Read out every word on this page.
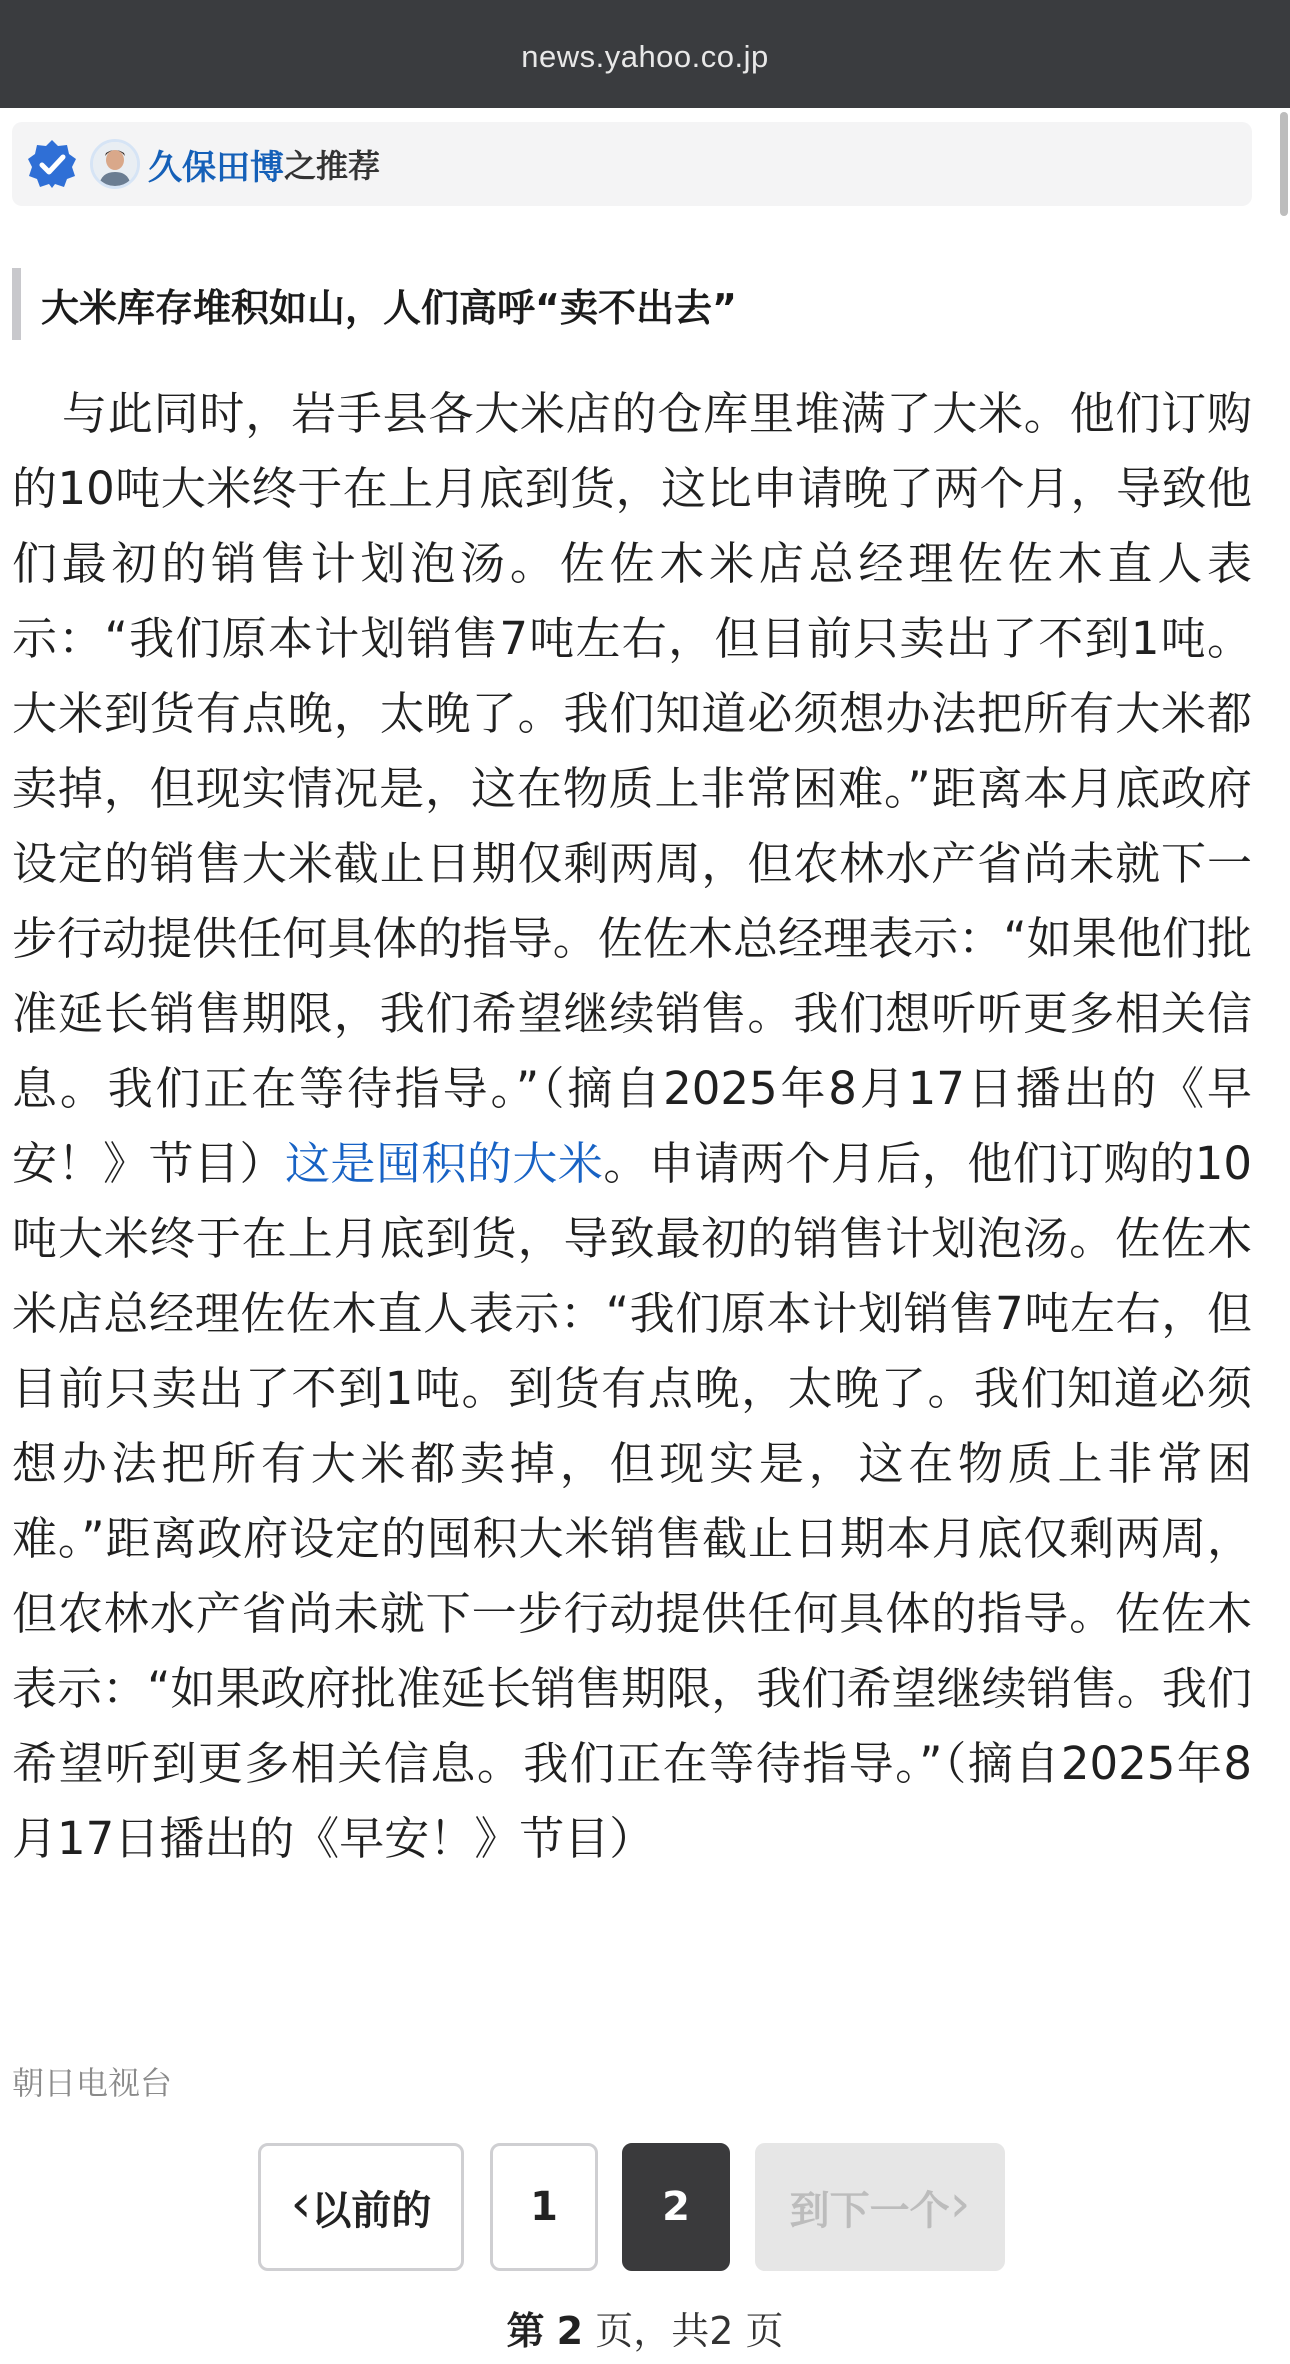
news.yahoo.co.jp
久保田博 之推荐
大米库存堆积如山，人们高呼“卖不出去”

与此同时，岩手县各大米店的仓库里堆满了大米。他们订购的10吨大米终于在上月底到货，这比申请晚了两个月，导致他们最初的销售计划泡汤。佐佐木米店总经理佐佐木直人表示：“我们原本计划销售7吨左右，但目前只卖出了不到1吨。大米到货有点晚，太晚了。我们知道必须想办法把所有大米都卖掉，但现实情况是，这在物质上非常困难。”距离本月底政府设定的销售大米截止日期仅剩两周，但农林水产省尚未就下一步行动提供任何具体的指导。佐佐木总经理表示：“如果他们批准延长销售期限，我们希望继续销售。我们想听听更多相关信息。我们正在等待指导。”（摘自2025年8月17日播出的《早安！》节目）这是囤积的大米。申请两个月后，他们订购的10吨大米终于在上月底到货，导致最初的销售计划泡汤。佐佐木米店总经理佐佐木直人表示：“我们原本计划销售7吨左右，但目前只卖出了不到1吨。到货有点晚，太晚了。我们知道必须想办法把所有大米都卖掉，但现实是，这在物质上非常困难。”距离政府设定的囤积大米销售截止日期本月底仅剩两周，但农林水产省尚未就下一步行动提供任何具体的指导。佐佐木表示：“如果政府批准延长销售期限，我们希望继续销售。我们希望听到更多相关信息。我们正在等待指导。”（摘自2025年8月17日播出的《早安！》节目）

朝日电视台
‹ 以前的 1	2 到下一个 ›
第 2 页，共2 页
